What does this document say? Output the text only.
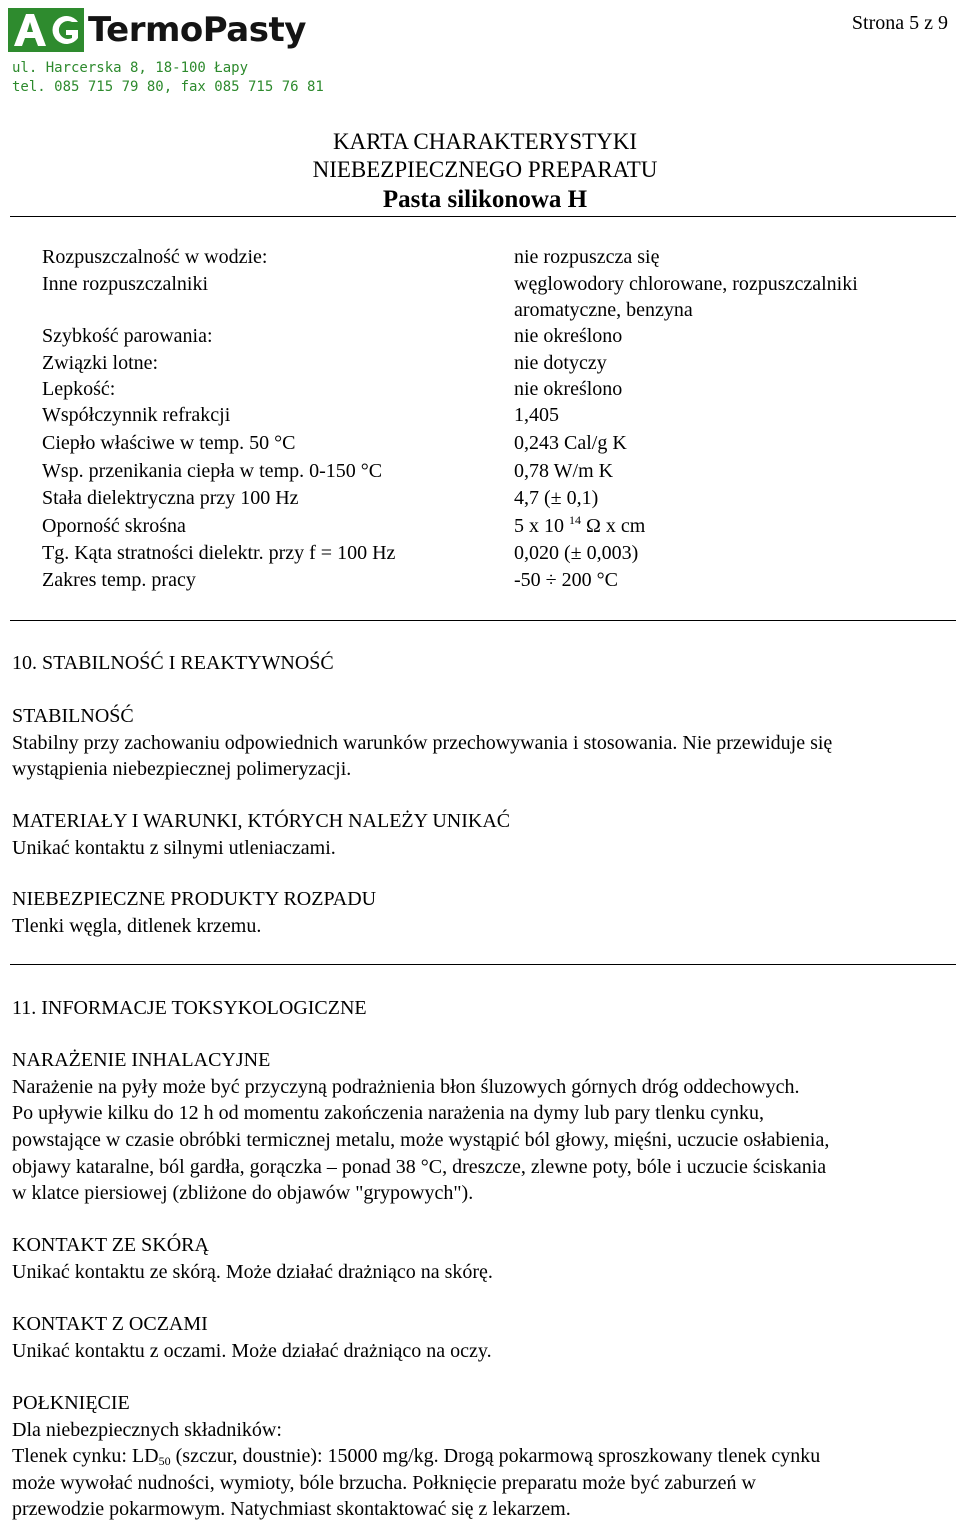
TermoPasty
ul. Harcerska 8, 18-100 Łapy
tel. 085 715 79 80, fax 085 715 76 81
Strona 5 z 9
KARTA CHARAKTERYSTYKI
NIEBEZPIECZNEGO PREPARATU
Pasta silikonowa H
Rozpuszczalność w wodzie:	nie rozpuszcza się
Inne rozpuszczalniki	węglowodory chlorowane, rozpuszczalniki
aromatyczne, benzyna
Szybkość parowania:	nie określono
Związki lotne:	nie dotyczy
Lepkość:	nie określono
Współczynnik refrakcji	1,405
Ciepło właściwe w temp. 50 °C	0,243 Cal/g K
Wsp. przenikania ciepła w temp. 0-150 °C	0,78 W/m K
Stała dielektryczna przy 100 Hz	4,7 (± 0,1)
Oporność skrośna	5 x 10 $^{14}$ Ω x cm
Tg. Kąta stratności dielektr. przy f = 100 Hz	0,020 (± 0,003)
Zakres temp. pracy	-50 ÷ 200 °C
10. STABILNOŚĆ I REAKTYWNOŚĆ
STABILNOŚĆ
Stabilny przy zachowaniu odpowiednich warunków przechowywania i stosowania. Nie przewiduje się
wystąpienia niebezpiecznej polimeryzacji.
MATERIAŁY I WARUNKI, KTÓRYCH NALEŻY UNIKAĆ
Unikać kontaktu z silnymi utleniaczami.
NIEBEZPIECZNE PRODUKTY ROZPADU
Tlenki węgla, ditlenek krzemu.
11. INFORMACJE TOKSYKOLOGICZNE
NARAŻENIE INHALACYJNE
Narażenie na pyły może być przyczyną podrażnienia błon śluzowych górnych dróg oddechowych.
Po upływie kilku do 12 h od momentu zakończenia narażenia na dymy lub pary tlenku cynku,
powstające w czasie obróbki termicznej metalu, może wystąpić ból głowy, mięśni, uczucie osłabienia,
objawy kataralne, ból gardła, gorączka – ponad 38 °C, dreszcze, zlewne poty, bóle i uczucie ściskania
w klatce piersiowej (zbliżone do objawów "grypowych").
KONTAKT ZE SKÓRĄ
Unikać kontaktu ze skórą. Może działać drażniąco na skórę.
KONTAKT Z OCZAMI
Unikać kontaktu z oczami. Może działać drażniąco na oczy.
POŁKNIĘCIE
Dla niebezpiecznych składników:
Tlenek cynku: $LD_{50}$ (szczur, doustnie): 15000 mg/kg. Drogą pokarmową sproszkowany tlenek cynku
może wywołać nudności, wymioty, bóle brzucha. Połknięcie preparatu może być zaburzeń w
przewodzie pokarmowym. Natychmiast skontaktować się z lekarzem.
